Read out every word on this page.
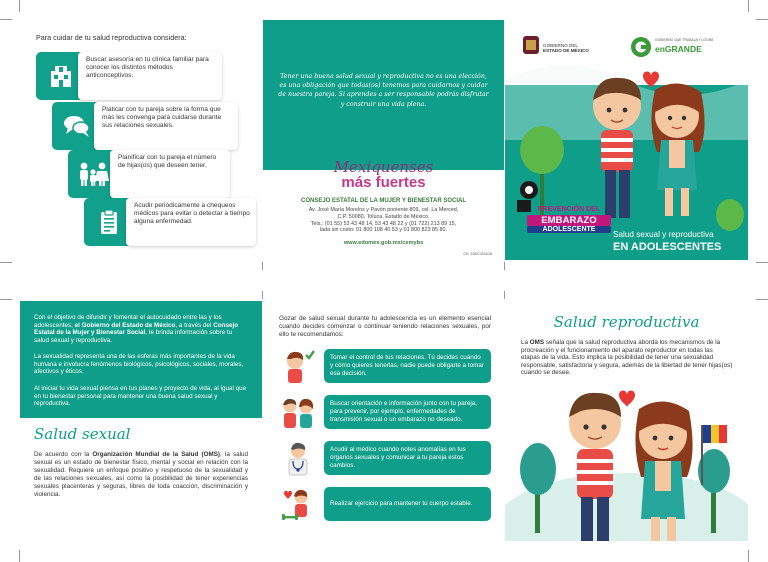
Para cuidar de tu salud reproductiva considera:
Buscar asesoría en tu clínica familiar para conocer los distintos métodos anticonceptivos.
Platicar con tu pareja sobre la forma que más les convenga para cuidarse durante sus relaciones sexuales.
Planificar con tu pareja el número de hijas(os) que deseen tener.
Acudir periódicamente a chequeos médicos para evitar o detectar a tiempo alguna enfermedad.
Tener una buena salud sexual y reproductiva no es una elección, es una obligación que todas(os) tenemos para cuidarnos y cuidar de nuestra pareja. Si aprendes a ser responsable podrás disfrutar y construir una vida plena.
Mexiquenses
más fuertes
CONSEJO ESTATAL DE LA MUJER Y BIENESTAR SOCIAL
Av. José María Morelos y Pavón poniente 809, col. La Merced,
C.P. 50080, Toluca, Estado de México.
Tels.: (01 55) 53 43 48 14, 53 43 48 22 y (01 722) 213 89 15,
lada sin costo: 01 800 108 40 53 y 01 800 823 85 80.
www.edomex.gob.mx/cemybs
CE: 226/C/034/16
GOBIERNO DEL
ESTADO DE MÉXICO
GOBIERNO QUE TRABAJA Y LOGRA
enGRANDE
PREVENCIÓN DEL
EMBARAZO
ADOLESCENTE
Salud sexual y reproductiva
EN ADOLESCENTES
Con el objetivo de difundir y fomentar el autocuidado entre las y los adolescentes, el Gobierno del Estado de México, a través del Consejo Estatal de la Mujer y Bienestar Social, te brinda información sobre tu salud sexual y reproductiva.
La sexualidad representa una de las esferas más importantes de la vida humana e involucra fenómenos biológicos, psicológicos, sociales, morales, afectivos y éticos.
Al iniciar tu vida sexual piensa en tus planes y proyecto de vida, al igual que en tu bienestar personal para mantener una buena salud sexual y reproductiva.
Salud sexual
De acuerdo con la Organización Mundial de la Salud (OMS), la salud sexual es un estado de bienestar físico, mental y social en relación con la sexualidad. Requiere un enfoque positivo y respetuoso de la sexualidad y de las relaciones sexuales, así como la posibilidad de tener experiencias sexuales placenteras y seguras, libres de toda coacción, discriminación y violencia.
Gozar de salud sexual durante tu adolescencia es un elemento esencial cuando decides comenzar o continuar teniendo relaciones sexuales, por ello te recomendamos:
Tomar el control de tus relaciones. Tú decides cuándo y cómo quieres tenerlas, nadie puede obligarte a tomar esa decisión.
Buscar orientación e información junto con tu pareja, para prevenir, por ejemplo, enfermedades de transmisión sexual o un embarazo no deseado.
Acudir al médico cuando notes anomalías en tus órganos sexuales y comunicar a tu pareja estos cambios.
Realizar ejercicio para mantener tu cuerpo estable.
Salud reproductiva
La OMS señala que la salud reproductiva aborda los mecanismos de la procreación y el funcionamiento del aparato reproductor en todas las etapas de la vida. Esto implica la posibilidad de tener una sexualidad responsable, satisfactoria y segura, además de la libertad de tener hijas(os) cuando se desee.
